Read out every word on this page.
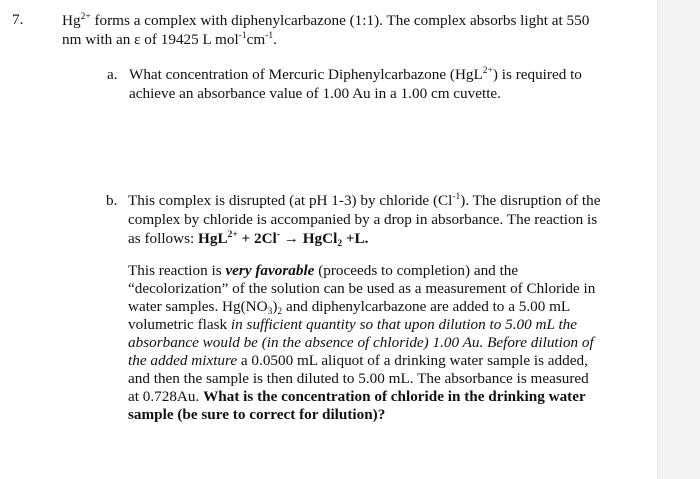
7.	$Hg^{2+}$ forms a complex with diphenylcarbazone (1:1). The complex absorbs light at 550
nm with an ε of 19425 L $mol^{-1}cm^{-1}$.
a. What concentration of Mercuric Diphenylcarbazone (HgL$^{2+}$) is required to
achieve an absorbance value of 1.00 Au in a 1.00 cm cuvette.
b. This complex is disrupted (at pH 1-3) by chloride $(Cl^{-1})$. The disruption of the
complex by chloride is accompanied by a drop in absorbance. The reaction is
as follows: HgL$^{2+}$ + 2Cl- → HgCl$_2$ +L.
This reaction is very favorable (proceeds to completion) and the
“decolorization” of the solution can be used as a measurement of Chloride in
water samples. $Hg(NO_3)_2$ and diphenylcarbazone are added to a 5.00 mL
volumetric flask in sufficient quantity so that upon dilution to 5.00 mL the
absorbance would be (in the absence of chloride) 1.00 Au. Before dilution of
the added mixture a 0.0500 mL aliquot of a drinking water sample is added,
and then the sample is then diluted to 5.00 mL. The absorbance is measured
at 0.728Au. What is the concentration of chloride in the drinking water
sample (be sure to correct for dilution)?
